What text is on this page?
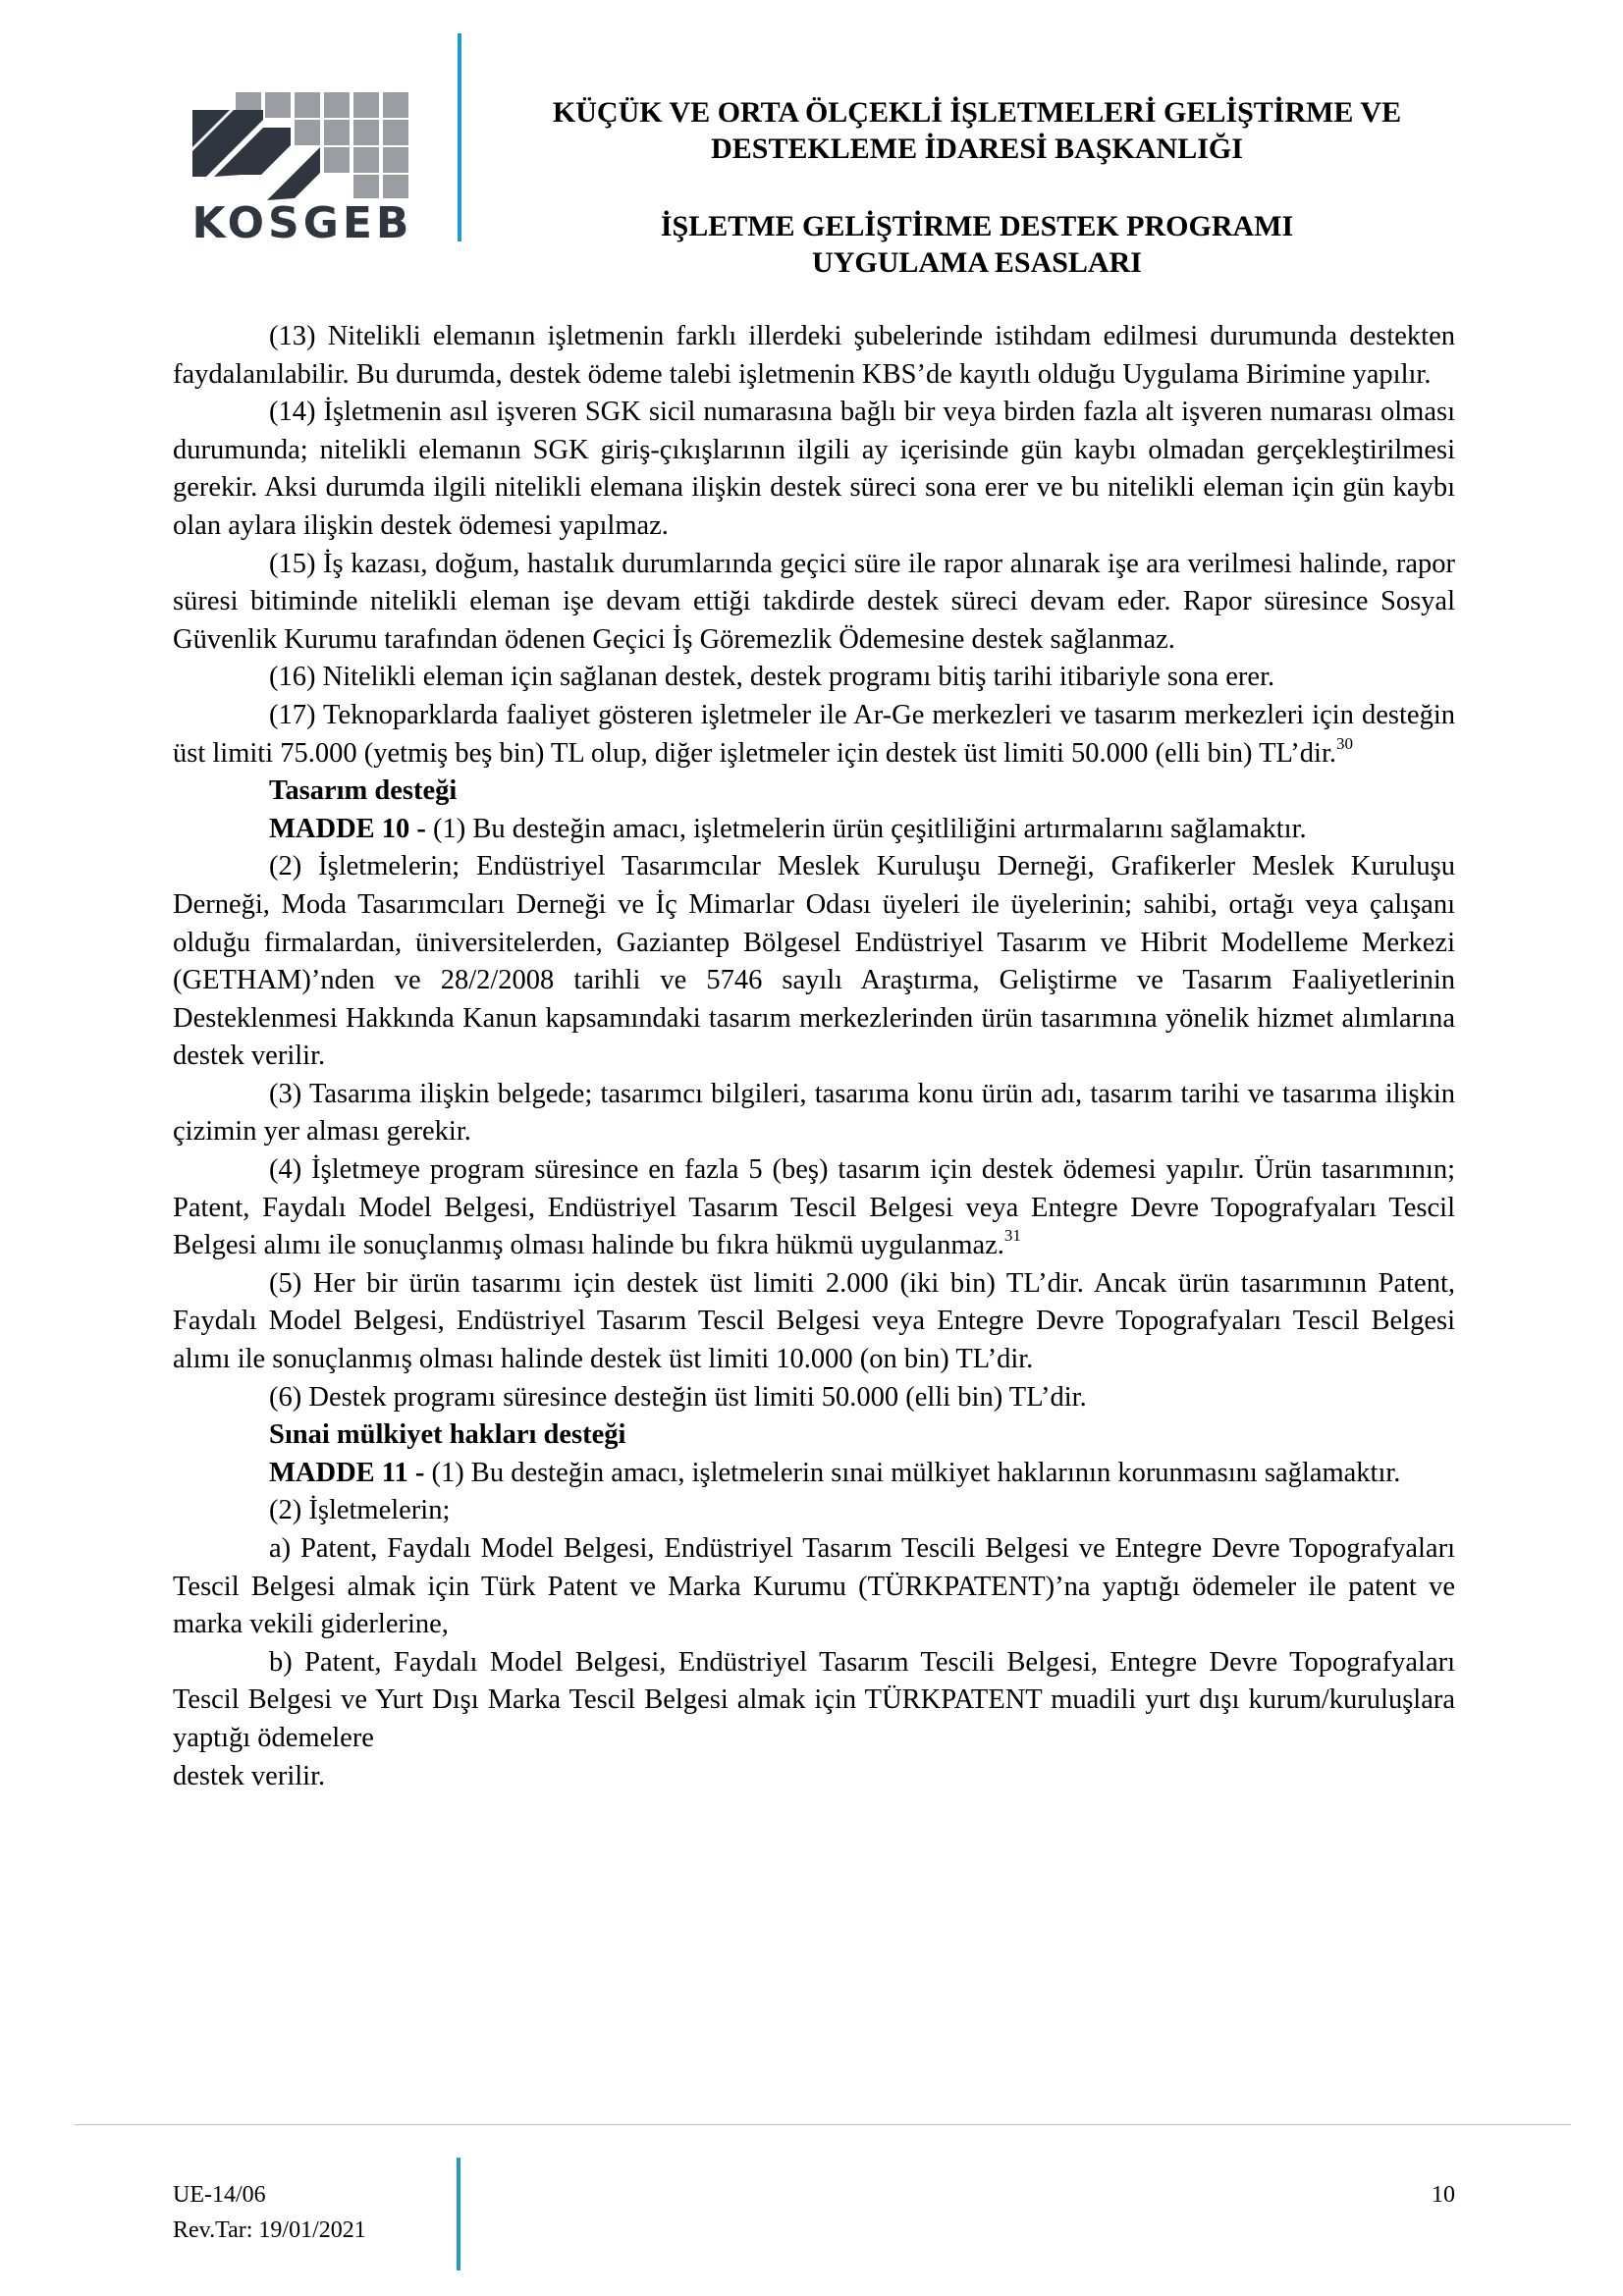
KOSGEB
KÜÇÜK VE ORTA ÖLÇEKLİ İŞLETMELERİ GELİŞTİRME VE
DESTEKLEME İDARESİ BAŞKANLIĞI
İŞLETME GELİŞTİRME DESTEK PROGRAMI
UYGULAMA ESASLARI

(13) Nitelikli elemanın işletmenin farklı illerdeki şubelerinde istihdam edilmesi durumunda destekten faydalanılabilir. Bu durumda, destek ödeme talebi işletmenin KBS’de kayıtlı olduğu Uygulama Birimine yapılır.

(14) İşletmenin asıl işveren SGK sicil numarasına bağlı bir veya birden fazla alt işveren numarası olması durumunda; nitelikli elemanın SGK giriş-çıkışlarının ilgili ay içerisinde gün kaybı olmadan gerçekleştirilmesi gerekir. Aksi durumda ilgili nitelikli elemana ilişkin destek süreci sona erer ve bu nitelikli eleman için gün kaybı olan aylara ilişkin destek ödemesi yapılmaz.

(15) İş kazası, doğum, hastalık durumlarında geçici süre ile rapor alınarak işe ara verilmesi halinde, rapor süresi bitiminde nitelikli eleman işe devam ettiği takdirde destek süreci devam eder. Rapor süresince Sosyal Güvenlik Kurumu tarafından ödenen Geçici İş Göremezlik Ödemesine destek sağlanmaz.

(16) Nitelikli eleman için sağlanan destek, destek programı bitiş tarihi itibariyle sona erer.

(17) Teknoparklarda faaliyet gösteren işletmeler ile Ar-Ge merkezleri ve tasarım merkezleri için desteğin üst limiti 75.000 (yetmiş beş bin) TL olup, diğer işletmeler için destek üst limiti 50.000 (elli bin) TL’dir.$^{30}$

Tasarım desteği

MADDE 10 - (1) Bu desteğin amacı, işletmelerin ürün çeşitliliğini artırmalarını sağlamaktır.

(2) İşletmelerin; Endüstriyel Tasarımcılar Meslek Kuruluşu Derneği, Grafikerler Meslek Kuruluşu Derneği, Moda Tasarımcıları Derneği ve İç Mimarlar Odası üyeleri ile üyelerinin; sahibi, ortağı veya çalışanı olduğu firmalardan, üniversitelerden, Gaziantep Bölgesel Endüstriyel Tasarım ve Hibrit Modelleme Merkezi (GETHAM)’nden ve 28/2/2008 tarihli ve 5746 sayılı Araştırma, Geliştirme ve Tasarım Faaliyetlerinin Desteklenmesi Hakkında Kanun kapsamındaki tasarım merkezlerinden ürün tasarımına yönelik hizmet alımlarına destek verilir.

(3) Tasarıma ilişkin belgede; tasarımcı bilgileri, tasarıma konu ürün adı, tasarım tarihi ve tasarıma ilişkin çizimin yer alması gerekir.

(4) İşletmeye program süresince en fazla 5 (beş) tasarım için destek ödemesi yapılır. Ürün tasarımının; Patent, Faydalı Model Belgesi, Endüstriyel Tasarım Tescil Belgesi veya Entegre Devre Topografyaları Tescil Belgesi alımı ile sonuçlanmış olması halinde bu fıkra hükmü uygulanmaz.$^{31}$

(5) Her bir ürün tasarımı için destek üst limiti 2.000 (iki bin) TL’dir. Ancak ürün tasarımının Patent, Faydalı Model Belgesi, Endüstriyel Tasarım Tescil Belgesi veya Entegre Devre Topografyaları Tescil Belgesi alımı ile sonuçlanmış olması halinde destek üst limiti 10.000 (on bin) TL’dir.

(6) Destek programı süresince desteğin üst limiti 50.000 (elli bin) TL’dir.

Sınai mülkiyet hakları desteği

MADDE 11 - (1) Bu desteğin amacı, işletmelerin sınai mülkiyet haklarının korunmasını sağlamaktır.

(2) İşletmelerin;

a) Patent, Faydalı Model Belgesi, Endüstriyel Tasarım Tescili Belgesi ve Entegre Devre Topografyaları Tescil Belgesi almak için Türk Patent ve Marka Kurumu (TÜRKPATENT)’na yaptığı ödemeler ile patent ve marka vekili giderlerine,

b) Patent, Faydalı Model Belgesi, Endüstriyel Tasarım Tescili Belgesi, Entegre Devre Topografyaları Tescil Belgesi ve Yurt Dışı Marka Tescil Belgesi almak için TÜRKPATENT muadili yurt dışı kurum/kuruluşlara yaptığı ödemelere

destek verilir.

UE-14/06
Rev.Tar: 19/01/2021
10
